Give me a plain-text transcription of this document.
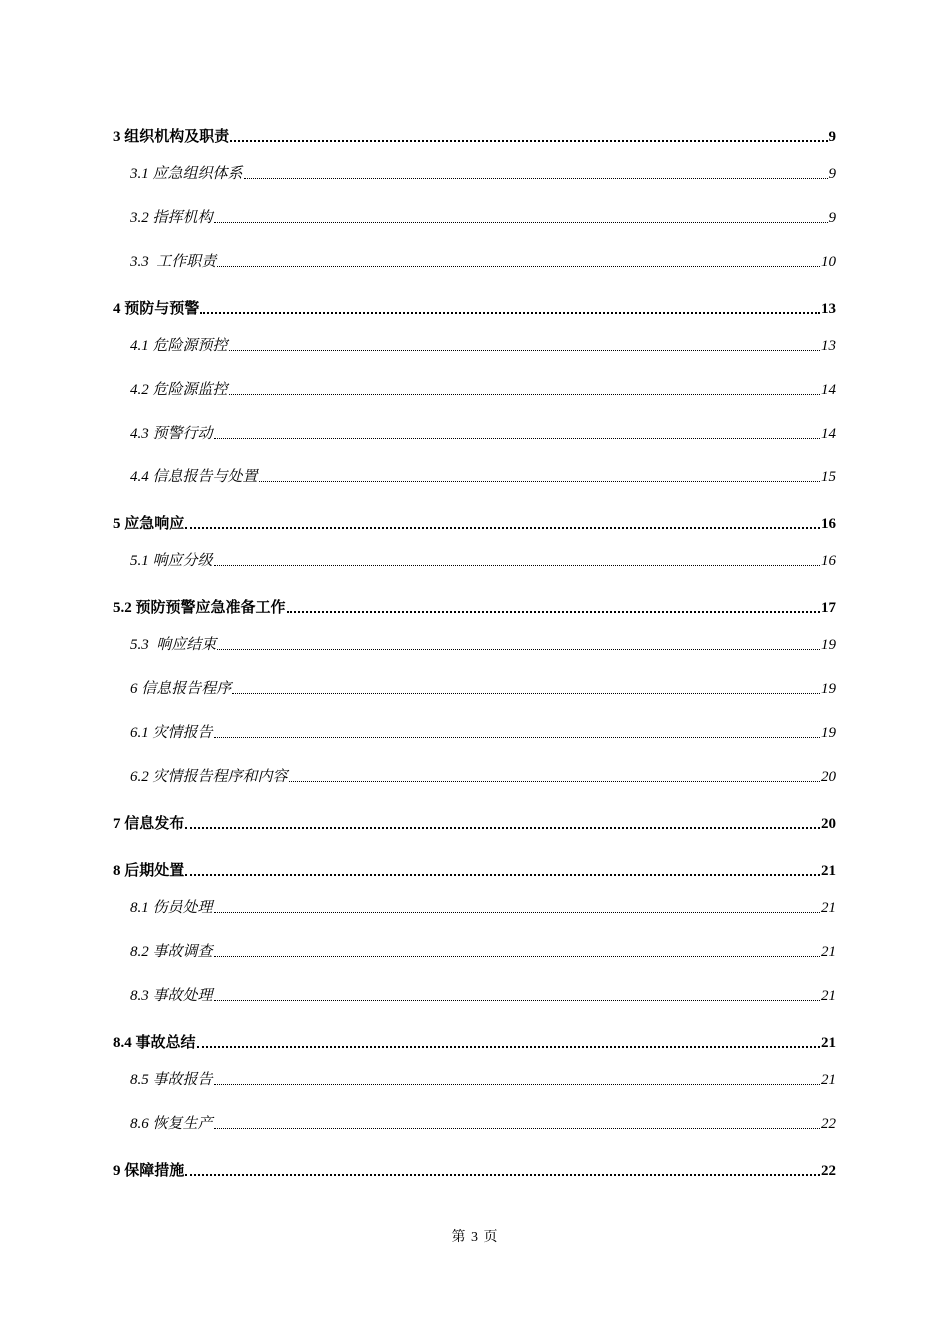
3 组织机构及职责	9
3.1 应急组织体系	9
3.2 指挥机构	9
3.3  工作职责	10
4 预防与预警	13
4.1 危险源预控	13
4.2 危险源监控	14
4.3 预警行动	14
4.4 信息报告与处置	15
5 应急响应	16
5.1 响应分级	16
5.2 预防预警应急准备工作	17
5.3  响应结束	19
6 信息报告程序	19
6.1 灾情报告	19
6.2 灾情报告程序和内容	20
7 信息发布	20
8 后期处置	21
8.1 伤员处理	21
8.2 事故调查	21
8.3 事故处理	21
8.4 事故总结	21
8.5 事故报告	21
8.6 恢复生产	22
9 保障措施	22
第 3 页
